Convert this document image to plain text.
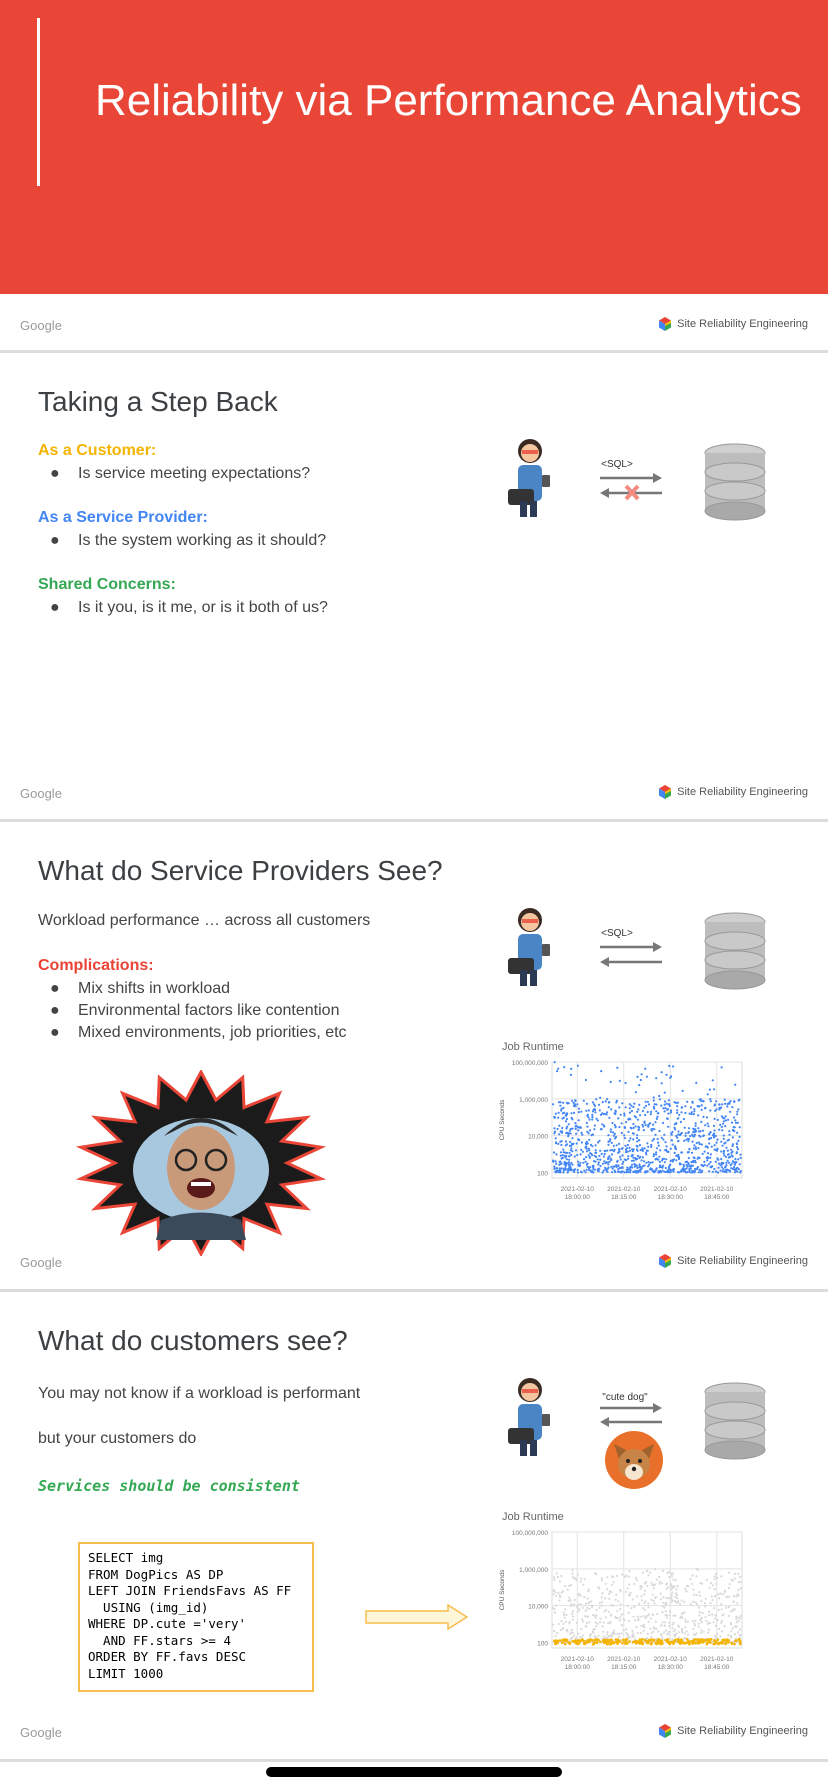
Reliability via Performance Analytics
Google	Site Reliability Engineering
Taking a Step Back
As a Customer:
● Is service meeting expectations?
As a Service Provider:
● Is the system working as it should?
Shared Concerns:
● Is it you, is it me, or is it both of us?
<SQL>
Google	Site Reliability Engineering
What do Service Providers See?
Workload performance … across all customers
Complications:
● Mix shifts in workload
● Environmental factors like contention
● Mixed environments, job priorities, etc
<SQL>
Job Runtime
100,000,000
1,000,000
10,000
100
2021-02-10
18:00:00
2021-02-10
18:15:00
2021-02-10
18:30:00
2021-02-10
18:45:00
CPU Seconds
Google	Site Reliability Engineering
What do customers see?
You may not know if a workload is performant
but your customers do
Services should be consistent
SELECT img
FROM DogPics AS DP
LEFT JOIN FriendsFavs AS FF
USING (img_id)
WHERE DP.cute ='very'
AND FF.stars >= 4
ORDER BY FF.favs DESC
LIMIT 1000
"cute dog"
Job Runtime
100,000,000
1,000,000
10,000
100
2021-02-10
18:00:00
2021-02-10
18:15:00
2021-02-10
18:30:00
2021-02-10
18:45:00
CPU Seconds
Google	Site Reliability Engineering
